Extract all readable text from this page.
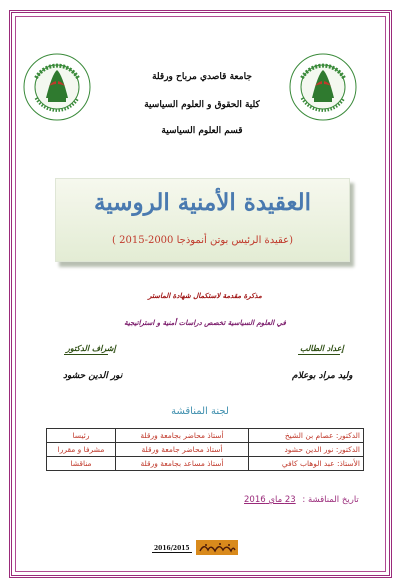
جامعة قاصدي مرباح ورقلة
كلية الحقوق و العلوم السياسية
قسم العلوم السياسية
العقيدة الأمنية الروسية
(عقيدة الرئيس بوتن أنموذجا 2000-2015 )
مذكرة مقدمة لاستكمال شهادة الماستر
في العلوم السياسية تخصص دراسات أمنية و استراتيجية
إعداد الطالب
إشراف الدكتور
وليد مراد بوعلام
نور الدين حشود
لجنة المناقشة
الدكتور: عصام بن الشيخ	أستاذ محاضر بجامعة ورقلة	رئيسا
الدكتور: نور الدين حشود	أستاذ محاضر جامعة ورقلة	مشرفا و مقررا
الأستاذ: عبد الوهاب كافي	أستاذ مساعد بجامعة ورقلة	مناقشا
تاريخ المناقشة : 23 ماي 2016
2016/2015
